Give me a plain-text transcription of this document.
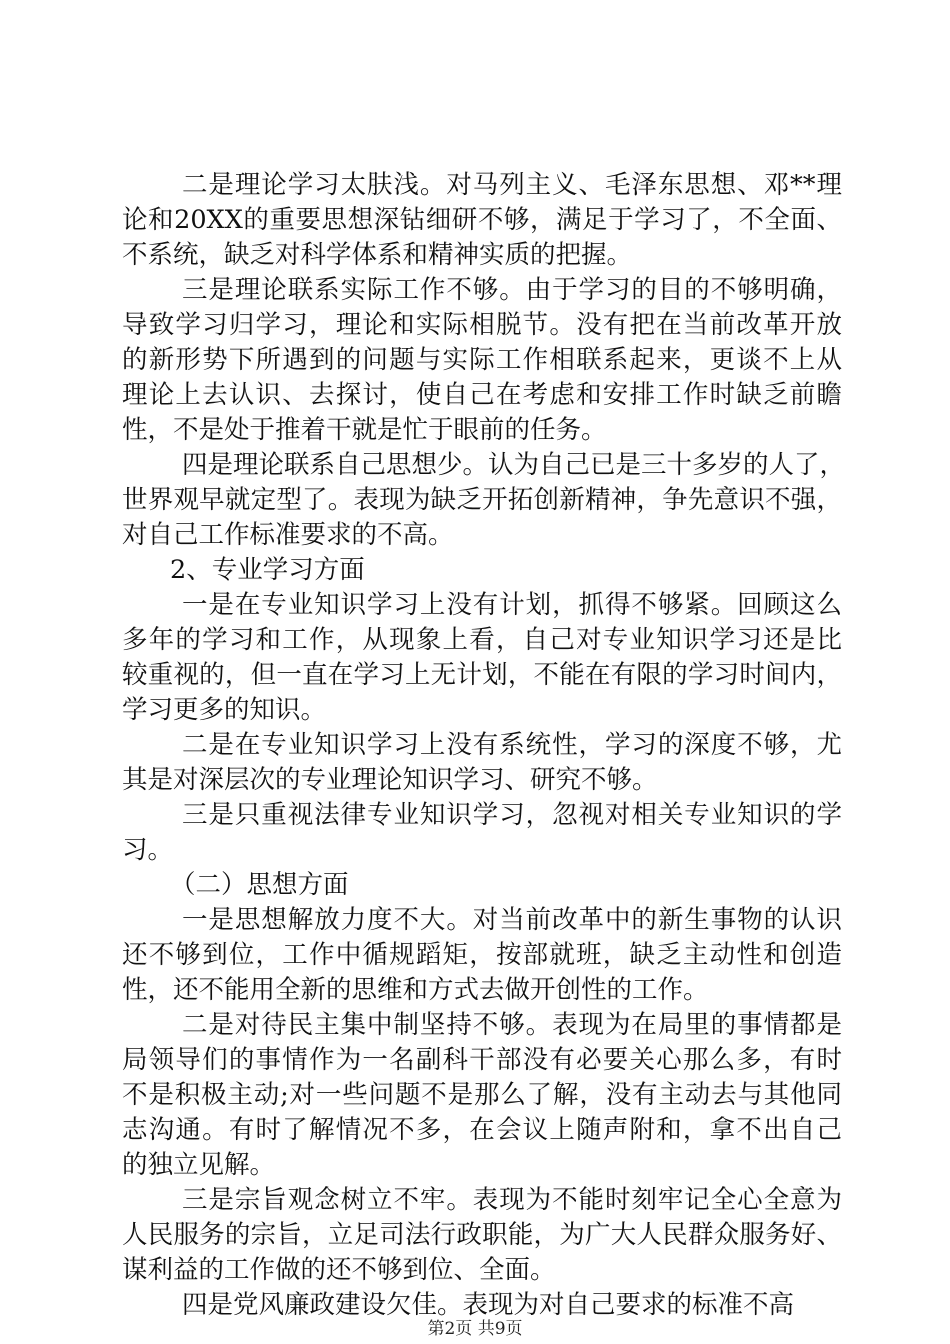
二是理论学习太肤浅。对马列主义、毛泽东思想、邓**理
论和20XX的重要思想深钻细研不够，满足于学习了，不全面、
不系统，缺乏对科学体系和精神实质的把握。
三是理论联系实际工作不够。由于学习的目的不够明确，
导致学习归学习，理论和实际相脱节。没有把在当前改革开放
的新形势下所遇到的问题与实际工作相联系起来，更谈不上从
理论上去认识、去探讨，使自己在考虑和安排工作时缺乏前瞻
性，不是处于推着干就是忙于眼前的任务。
四是理论联系自己思想少。认为自己已是三十多岁的人了，
世界观早就定型了。表现为缺乏开拓创新精神，争先意识不强，
对自己工作标准要求的不高。
2、专业学习方面
一是在专业知识学习上没有计划，抓得不够紧。回顾这么
多年的学习和工作，从现象上看，自己对专业知识学习还是比
较重视的，但一直在学习上无计划，不能在有限的学习时间内，
学习更多的知识。
二是在专业知识学习上没有系统性，学习的深度不够，尤
其是对深层次的专业理论知识学习、研究不够。
三是只重视法律专业知识学习，忽视对相关专业知识的学
习。
（二）思想方面
一是思想解放力度不大。对当前改革中的新生事物的认识
还不够到位，工作中循规蹈矩，按部就班，缺乏主动性和创造
性，还不能用全新的思维和方式去做开创性的工作。
二是对待民主集中制坚持不够。表现为在局里的事情都是
局领导们的事情作为一名副科干部没有必要关心那么多，有时
不是积极主动;对一些问题不是那么了解，没有主动去与其他同
志沟通。有时了解情况不多，在会议上随声附和，拿不出自己
的独立见解。
三是宗旨观念树立不牢。表现为不能时刻牢记全心全意为
人民服务的宗旨，立足司法行政职能，为广大人民群众服务好、
谋利益的工作做的还不够到位、全面。
四是党风廉政建设欠佳。表现为对自己要求的标准不高
第2页 共9页
